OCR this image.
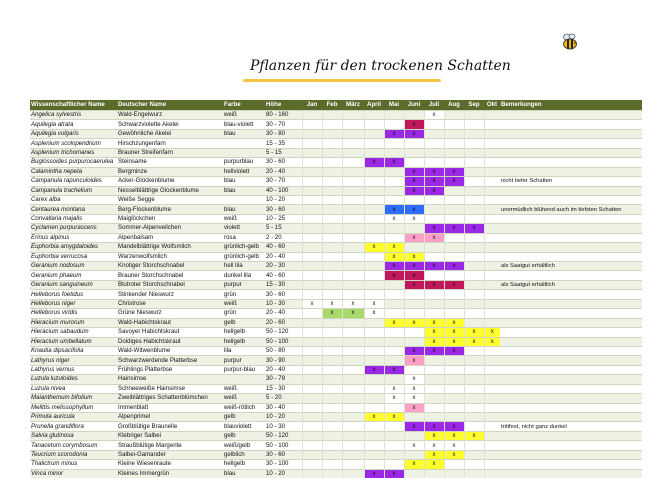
Pflanzen für den trockenen Schatten
Wissenschaftlicher Name	Deutscher Name	Farbe	Höhe	Jan	Feb	März	April	Mai	Juni	Juli	Aug	Sep	Okt	Bemerkungen
Angelica sylvestris	Wald-Engelwurz	weiß	80 - 160							x				
Aquilegia atrata	Schwarzviolette Akelei	blau-violett	30 - 70						x					
Aquilegia vulgaris	Gewöhnliche Akelei	blau	30 - 80					x	x					
Asplenium scolopendrium	Hirschzungenfarn		15 - 35											
Asplenium trichomanes	Brauner Streifenfarn		5 - 15											
Buglossoides purpurocaerulea	Steinsame	purpurblau	30 - 60				x	x						
Calamintha nepeta	Bergminze	hellviolett	20 - 40						x	x	x			
Campanula rapunculoides	Acker-Glockenblume	blau	30 - 70						x	x	x			nicht tiefer Schatten
Campanula trachelium	Nesselblättrige Glockenblume	blau	40 - 100						x	x				
Carex alba	Weiße Segge		10 - 20											
Centaurea montana	Berg-Flockenblume	blau	30 - 60					x	x					unermüdlich blühend auch im tiefsten Schatten
Convallaria majalis	Maiglöckchen	weiß	10 - 25					x	x					
Cyclamen purpurascens	Sommer-Alpenveilchen	violett	5 - 15							x	x	x		
Erinus alpinus	Alpenbalsam	rosa	2 - 20						x	x				
Euphorbia amygdaloides	Mandelblättrige Wolfsmilch	grünlich-gelb	40 - 60				x	x						
Euphorbia verrucosa	Warzenwolfsmilch	grünlich-gelb	20 - 40					x	x					
Geranium nodosum	Knotiger Storchschnabel	hell lila	20 - 30					x	x	x	x			als Saatgut erhältlich
Geranium phaeum	Brauner Storchschnabel	dunkel lila	40 - 60					x	x					
Geranium sanguineum	Blutroter Storchschnabel	purpur	15 - 30						x	x	x			als Saatgut erhältlich
Helleborus foetidus	Stinkender Nieswurz	grün	30 - 60											
Helleborus niger	Christrose	weiß	10 - 30	x	x	x	x							
Helleborus viridis	Grüne Nieswurz	grün	20 - 40		x	x	x							
Hieracium murorum	Wald-Habichtskraut	gelb	20 - 60					x	x	x	x			
Hieracium sabaudum	Savoyer Habichtskraut	hellgelb	50 - 120							x	x	x	x	
Hieracium umbellatum	Doldiges Habichtskraut	hellgelb	50 - 100							x	x	x	x	
Knautia dipsacifolia	Wald-Witwenblume	lila	50 - 80						x	x	x			
Lathyrus niger	Schwarzwerdende Platterbse	purpur	30 - 90						x					
Lathyrus vernus	Frühlings Platterbse	purpur-blau	20 - 40				x	x						
Luzula luzuloides	Hainsimse		30 - 79						x					
Luzula nivea	Schneeweiße Hainsimse	weiß	15 - 30					x	x					
Maianthemum bifolium	Zweiblättriges Schattenblümchen	weiß	5 - 20					x	x					
Melittis melissophyllum	Immenblatt	weiß-rötlich	30 - 40						x					
Primula auricula	Alpenprimel	gelb	10 - 20				x	x						
Prunella grandiflora	Großblütige Braunelle	blauviolett	10 - 30						x	x	x			trittfest, nicht ganz dunkel
Salvia glutinosa	Klebriger Salbei	gelb	50 - 120							x	x	x		
Tanacetum corymbosum	Straußblütige Margerite	weiß/gelb	50 - 100						x	x	x			
Teucrium scorodonia	Salbei-Gamander	gelblich	30 - 60							x	x			
Thalictrum minus	Kleine Wiesenraute	hellgelb	30 - 100						x	x				
Vinca minor	Kleines Immergrün	blau	10 - 20				x	x						
